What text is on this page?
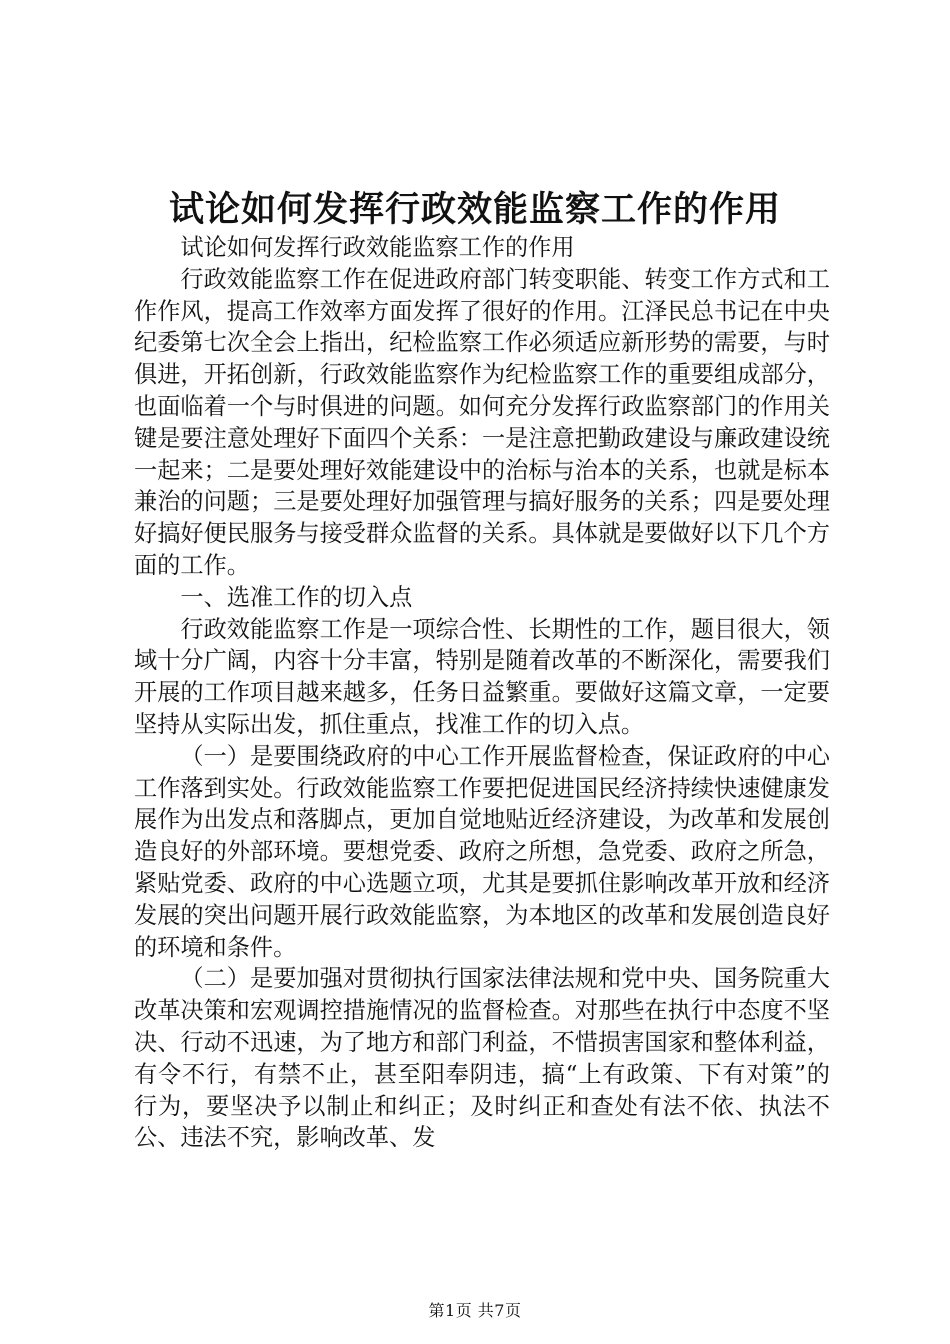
试论如何发挥行政效能监察工作的作用

试论如何发挥行政效能监察工作的作用

行政效能监察工作在促进政府部门转变职能、转变工作方式和工作作风，提高工作效率方面发挥了很好的作用。江泽民总书记在中央纪委第七次全会上指出，纪检监察工作必须适应新形势的需要，与时俱进，开拓创新，行政效能监察作为纪检监察工作的重要组成部分，也面临着一个与时俱进的问题。如何充分发挥行政监察部门的作用关键是要注意处理好下面四个关系：一是注意把勤政建设与廉政建设统一起来；二是要处理好效能建设中的治标与治本的关系，也就是标本兼治的问题；三是要处理好加强管理与搞好服务的关系；四是要处理好搞好便民服务与接受群众监督的关系。具体就是要做好以下几个方面的工作。

一、选准工作的切入点

行政效能监察工作是一项综合性、长期性的工作，题目很大，领域十分广阔，内容十分丰富，特别是随着改革的不断深化，需要我们开展的工作项目越来越多，任务日益繁重。要做好这篇文章，一定要坚持从实际出发，抓住重点，找准工作的切入点。

（一）是要围绕政府的中心工作开展监督检查，保证政府的中心工作落到实处。行政效能监察工作要把促进国民经济持续快速健康发展作为出发点和落脚点，更加自觉地贴近经济建设，为改革和发展创造良好的外部环境。要想党委、政府之所想，急党委、政府之所急，紧贴党委、政府的中心选题立项，尤其是要抓住影响改革开放和经济发展的突出问题开展行政效能监察，为本地区的改革和发展创造良好的环境和条件。

（二）是要加强对贯彻执行国家法律法规和党中央、国务院重大改革决策和宏观调控措施情况的监督检查。对那些在执行中态度不坚决、行动不迅速，为了地方和部门利益，不惜损害国家和整体利益，有令不行，有禁不止，甚至阳奉阴违，搞“上有政策、下有对策”的行为，要坚决予以制止和纠正；及时纠正和查处有法不依、执法不公、违法不究，影响改革、发

第1页 共7页
